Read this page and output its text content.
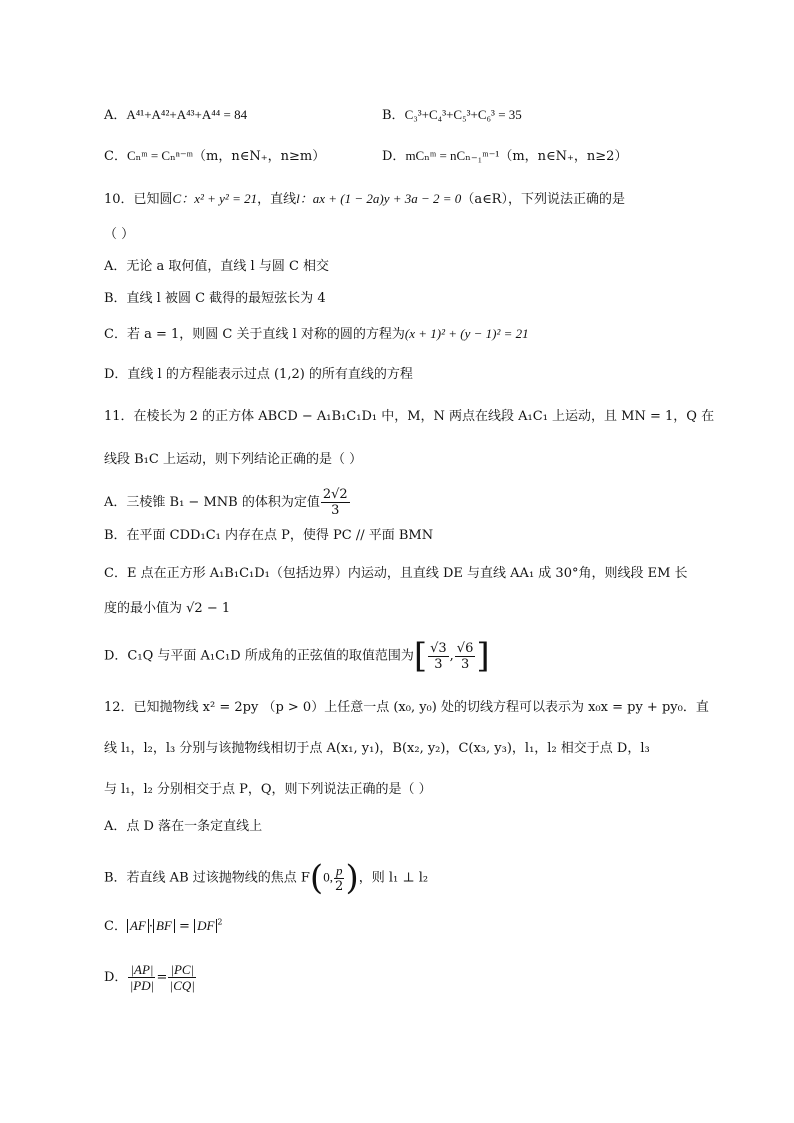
A．A⁴¹+A⁴²+A⁴³+A⁴⁴ = 84	B．C₃³+C₄³+C₅³+C₆³ = 35
C．Cₙᵐ = Cₙⁿ⁻ᵐ（m，n∈N₊，n≥m）	D．mCₙᵐ = nCₙ₋₁ᵐ⁻¹（m，n∈N₊，n≥2）
10．已知圆C：x² + y² = 21，直线l：ax + (1 − 2a)y + 3a − 2 = 0（a∈R），下列说法正确的是
（ ）
A．无论 a 取何值，直线 l 与圆 C 相交
B．直线 l 被圆 C 截得的最短弦长为 4
C．若 a = 1，则圆 C 关于直线 l 对称的圆的方程为(x + 1)² + (y − 1)² = 21
D．直线 l 的方程能表示过点 (1,2) 的所有直线的方程
11．在棱长为 2 的正方体 ABCD − A₁B₁C₁D₁ 中，M，N 两点在线段 A₁C₁ 上运动，且 MN = 1，Q 在
线段 B₁C 上运动，则下列结论正确的是（ ）
A．三棱锥 B₁ − MNB 的体积为定值 $\frac{2√2}{3}$
B．在平面 CDD₁C₁ 内存在点 P，使得 PC // 平面 BMN
C．E 点在正方形 A₁B₁C₁D₁（包括边界）内运动，且直线 DE 与直线 AA₁ 成 30°角，则线段 EM 长
度的最小值为 √2 − 1
D．C₁Q 与平面 A₁C₁D 所成角的正弦值的取值范围为[ $\frac{√3}{3}$ , $\frac{√6}{3}$ ]
12．已知抛物线 x² = 2py （p > 0）上任意一点 (x₀, y₀) 处的切线方程可以表示为 x₀x = py + py₀．直
线 l₁，l₂，l₃ 分别与该抛物线相切于点 A(x₁, y₁)，B(x₂, y₂)，C(x₃, y₃)，l₁，l₂ 相交于点 D，l₃
与 l₁，l₂ 分别相交于点 P，Q，则下列说法正确的是（ ）
A．点 D 落在一条定直线上
B．若直线 AB 过该抛物线的焦点 F(0, $\frac{p}{2}$ )，则 l₁ ⊥ l₂
C． AF · BF = DF $^2$
D． $\frac{|AP|}{|PD|} = \frac{|PC|}{|CQ|}$
